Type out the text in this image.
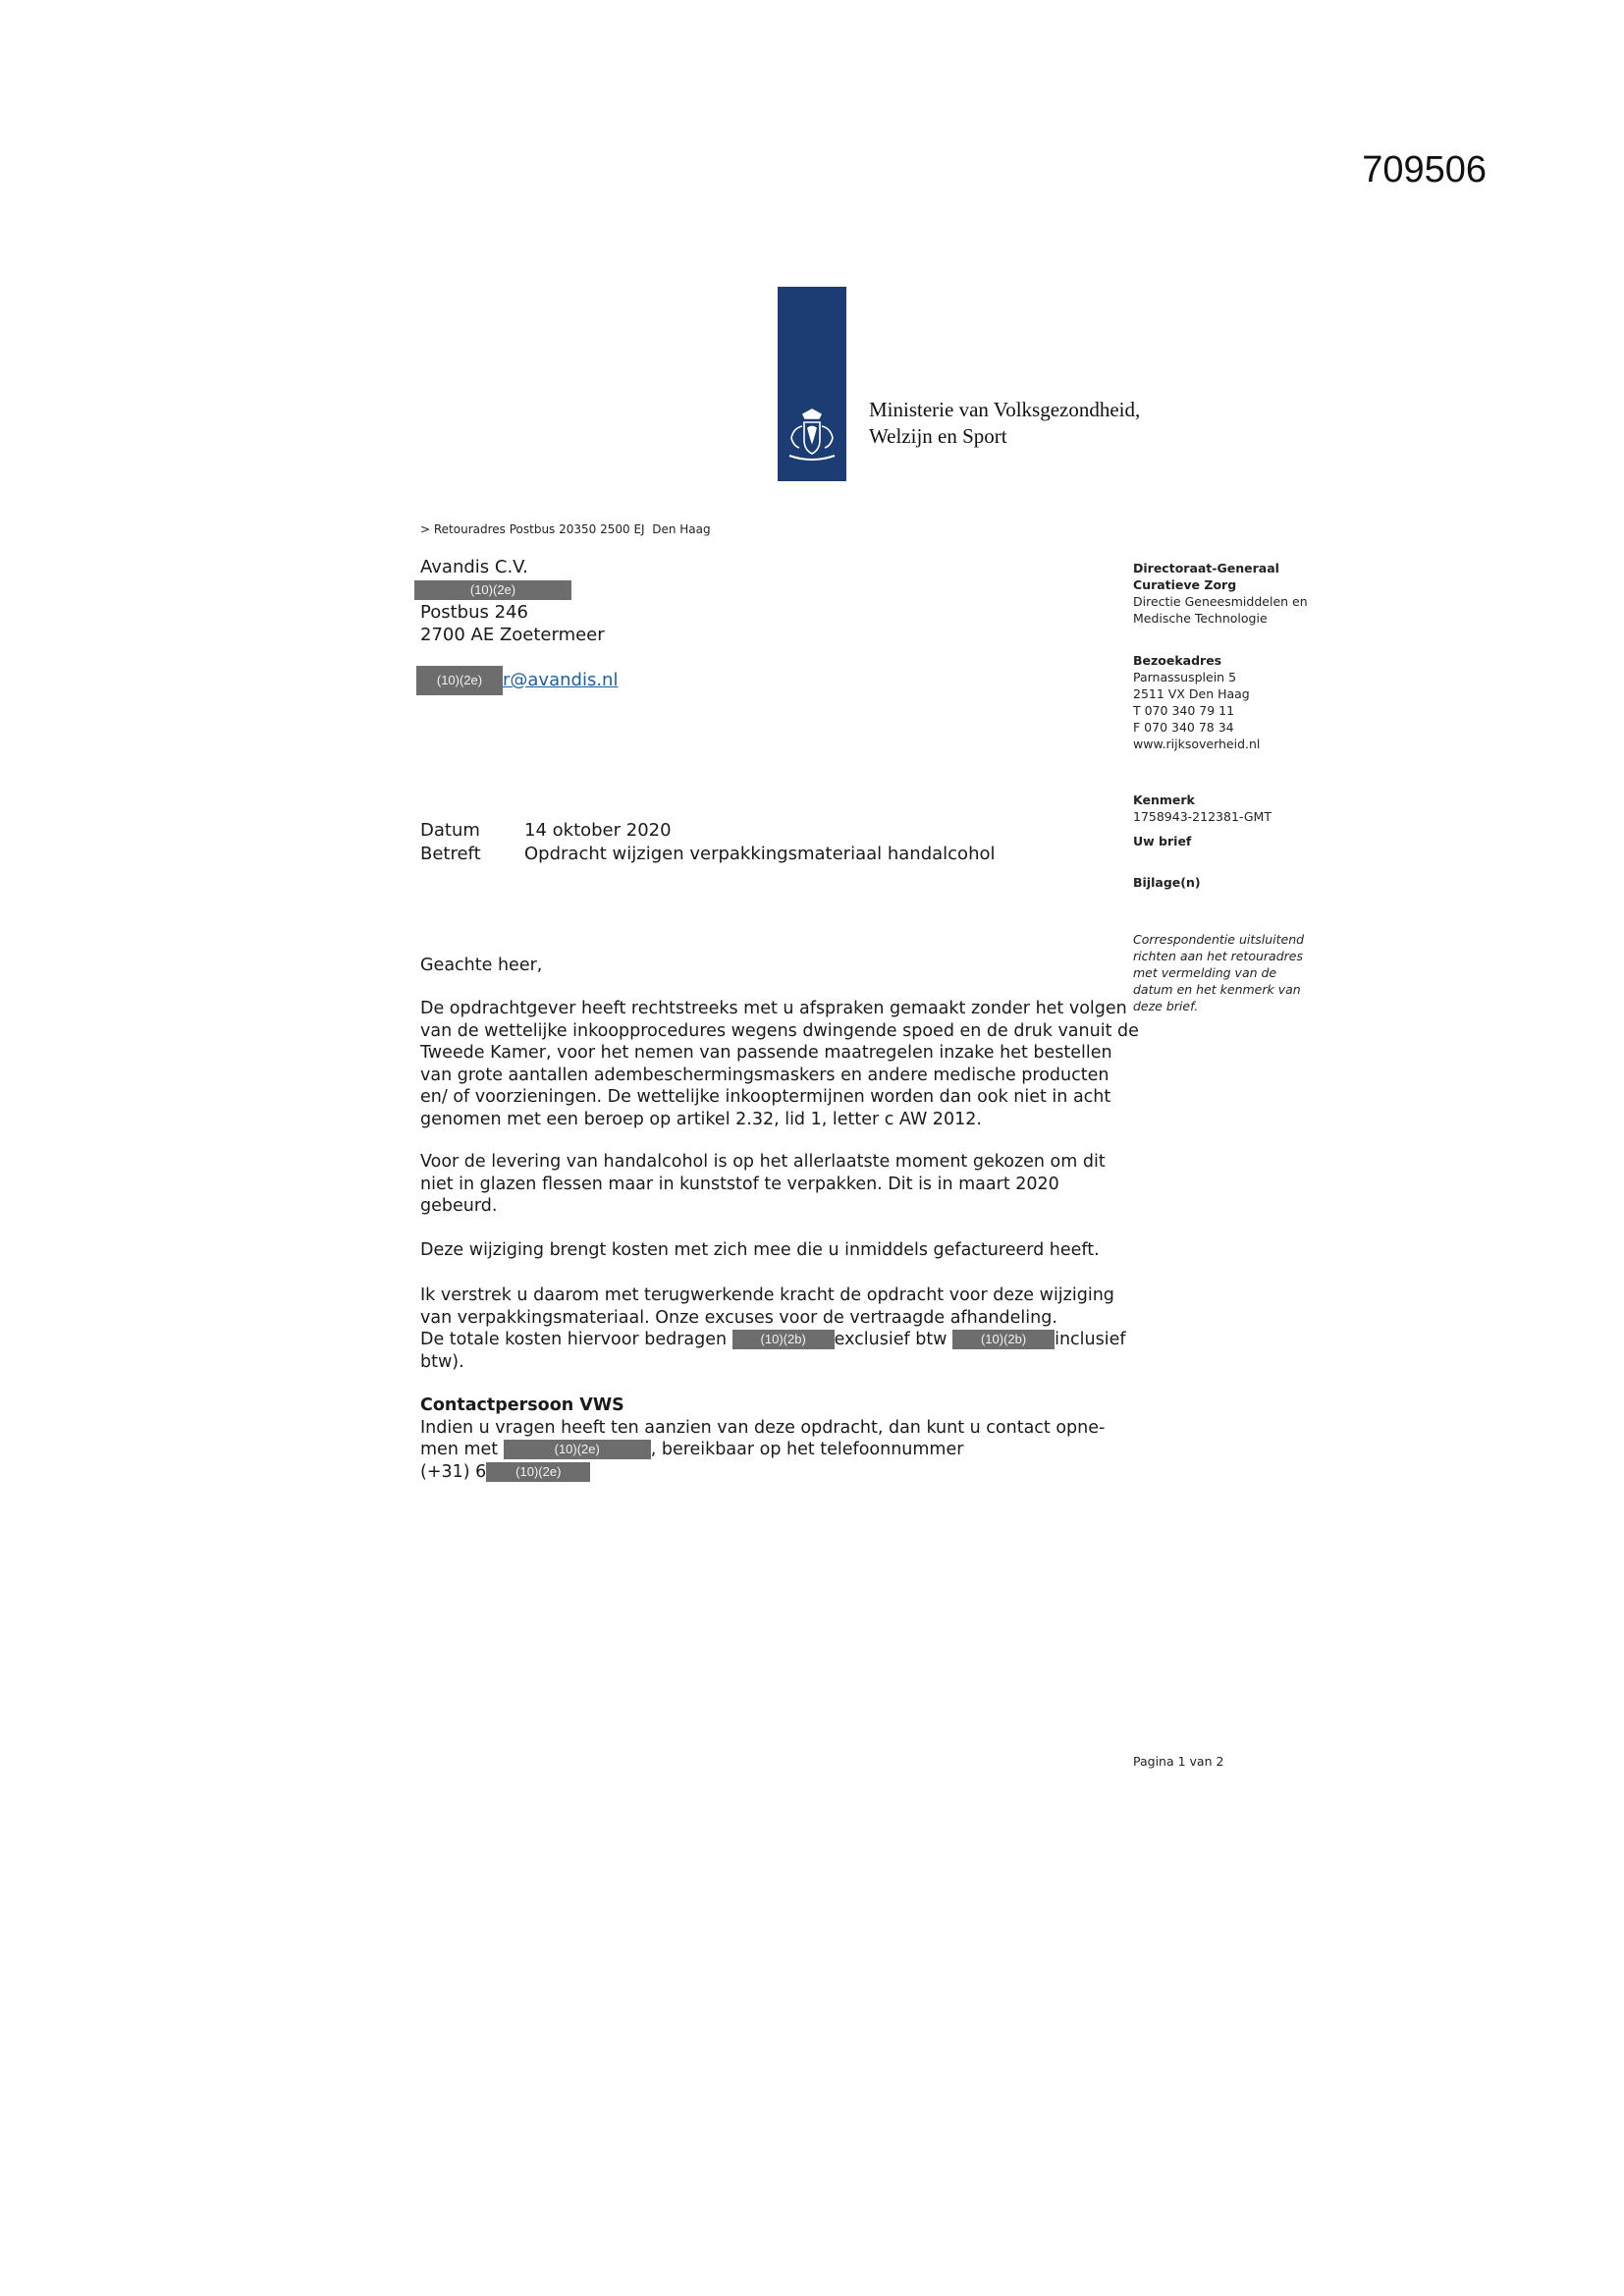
709506
Ministerie van Volksgezondheid,
Welzijn en Sport
> Retouradres Postbus 20350 2500 EJ  Den Haag
Avandis C.V.
(10)(2e)
Postbus 246
2700 AE Zoetermeer
(10)(2e) r@avandis.nl
Directoraat-Generaal
Curatieve Zorg
Directie Geneesmiddelen en
Medische Technologie
Bezoekadres
Parnassusplein 5
2511 VX Den Haag
T 070 340 79 11
F 070 340 78 34
www.rijksoverheid.nl
Kenmerk
1758943-212381-GMT
Uw brief
Bijlage(n)
Correspondentie uitsluitend
richten aan het retouradres
met vermelding van de
datum en het kenmerk van
deze brief.
Datum	14 oktober 2020
Betreft Opdracht wijzigen verpakkingsmateriaal handalcohol

Geachte heer,

De opdrachtgever heeft rechtstreeks met u afspraken gemaakt zonder het volgen

van de wettelijke inkoopprocedures wegens dwingende spoed en de druk vanuit de

Tweede Kamer, voor het nemen van passende maatregelen inzake het bestellen

van grote aantallen adembeschermingsmaskers en andere medische producten

en/ of voorzieningen. De wettelijke inkooptermijnen worden dan ook niet in acht

genomen met een beroep op artikel 2.32, lid 1, letter c AW 2012.

Voor de levering van handalcohol is op het allerlaatste moment gekozen om dit

niet in glazen flessen maar in kunststof te verpakken. Dit is in maart 2020

gebeurd.

Deze wijziging brengt kosten met zich mee die u inmiddels gefactureerd heeft.

Ik verstrek u daarom met terugwerkende kracht de opdracht voor deze wijziging

van verpakkingsmateriaal. Onze excuses voor de vertraagde afhandeling.

De totale kosten hiervoor bedragen	(10)(2b) exclusief btw	(10)(2b) inclusief

btw).

Contactpersoon VWS

Indien u vragen heeft ten aanzien van deze opdracht, dan kunt u contact opne-

men met	(10)(2e)	, bereikbaar op het telefoonnummer

(+31) 6 (10)(2e)

Pagina 1 van 2
